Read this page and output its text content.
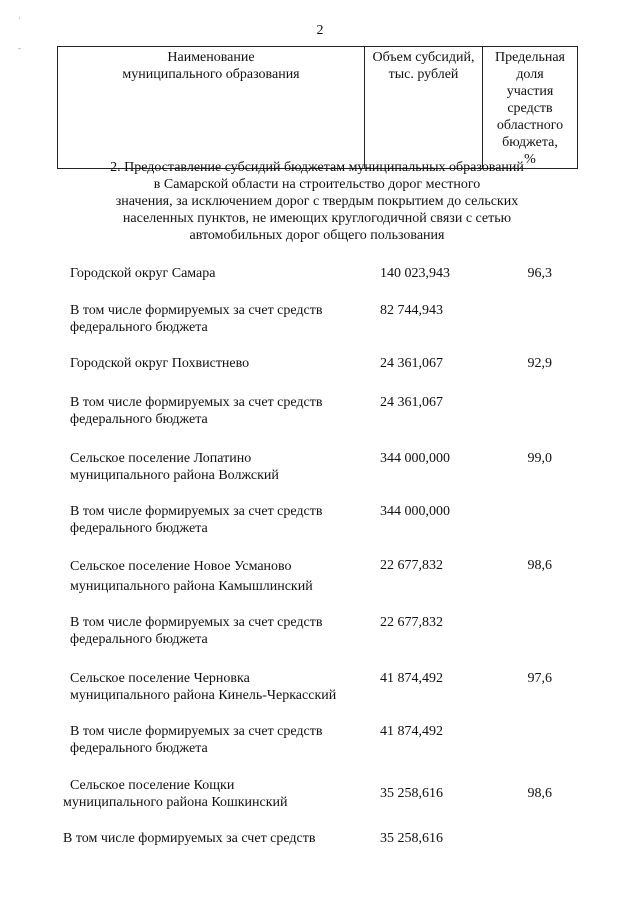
·
-
2
Наименование
муниципального образования

Объем субсидий,
тыс. рублей

Предельная
доля
участия средств
областного
бюджета,
%
2. Предоставление субсидий бюджетам муниципальных образований
в Самарской области на строительство дорог местного
значения, за исключением дорог с твердым покрытием до сельских
населенных пунктов, не имеющих круглогодичной связи с сетью
автомобильных дорог общего пользования
Городской округ Самара	140 023,943	96,3
В том числе формируемых за счет средств
федерального бюджета
82 744,943
Городской округ Похвистнево	24 361,067	92,9
В том числе формируемых за счет средств
федерального бюджета
24 361,067
Сельское поселение Лопатино
муниципального района Волжский
344 000,000	99,0
В том числе формируемых за счет средств
федерального бюджета
344 000,000
Сельское поселение Новое Усманово
муниципального района Камышлинский
22 677,832	98,6
В том числе формируемых за счет средств
федерального бюджета
22 677,832
Сельское поселение Черновка
муниципального района Кинель-Черкасский
41 874,492	97,6
В том числе формируемых за счет средств
федерального бюджета
41 874,492
Сельское поселение Кощки
муниципального района Кошкинский
35 258,616	98,6
В том числе формируемых за счет средств	35 258,616
